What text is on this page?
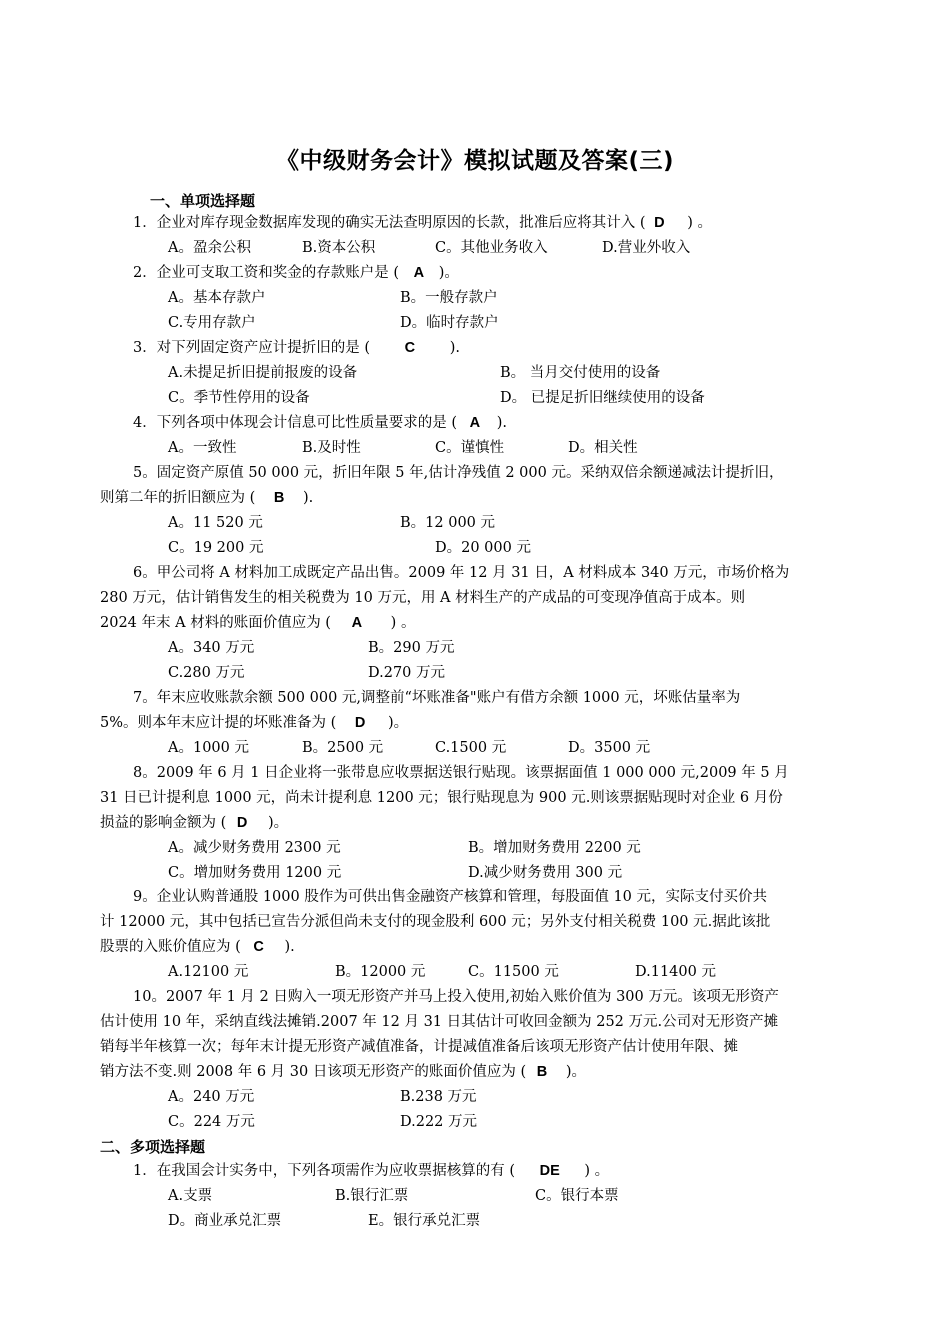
《中级财务会计》模拟试题及答案(三)
一、单项选择题
1．企业对库存现金数据库发现的确实无法查明原因的长款，批准后应将其计入 ( D ) 。
A。盈余公积	B.资本公积	C。其他业务收入	D.营业外收入
2．企业可支取工资和奖金的存款账户是 ( A )。
A。基本存款户	B。一般存款户
C.专用存款户	D。临时存款户
3．对下列固定资产应计提折旧的是 ( C ).
A.未提足折旧提前报废的设备	B。 当月交付使用的设备
C。季节性停用的设备	D。 已提足折旧继续使用的设备
4．下列各项中体现会计信息可比性质量要求的是 ( A ).
A。一致性	B.及时性	C。谨慎性	D。相关性
5。固定资产原值 50 000 元，折旧年限 5 年,估计净残值 2 000 元。采纳双倍余额递减法计提折旧，
则第二年的折旧额应为 ( B ).
A。11 520 元	B。12 000 元
C。19 200 元	D。20 000 元
6。甲公司将 A 材料加工成既定产品出售。2009 年 12 月 31 日，A 材料成本 340 万元，市场价格为
280 万元，估计销售发生的相关税费为 10 万元，用 A 材料生产的产成品的可变现净值高于成本。则
2024 年末 A 材料的账面价值应为 ( A ) 。
A。340 万元	B。290 万元
C.280 万元	D.270 万元
7。年末应收账款余额 500 000 元,调整前“坏账准备"账户有借方余额 1000 元，坏账估量率为
5%。则本年末应计提的坏账准备为 ( D )。
A。1000 元	B。2500 元	C.1500 元	D。3500 元
8。2009 年 6 月 1 日企业将一张带息应收票据送银行贴现。该票据面值 1 000 000 元,2009 年 5 月
31 日已计提利息 1000 元，尚未计提利息 1200 元；银行贴现息为 900 元.则该票据贴现时对企业 6 月份
损益的影响金额为 ( D )。
A。减少财务费用 2300 元	B。增加财务费用 2200 元
C。增加财务费用 1200 元	D.减少财务费用 300 元
9。企业认购普通股 1000 股作为可供出售金融资产核算和管理，每股面值 10 元，实际支付买价共
计 12000 元，其中包括已宣告分派但尚未支付的现金股利 600 元；另外支付相关税费 100 元.据此该批
股票的入账价值应为 ( C ).
A.12100 元	B。12000 元	C。11500 元	D.11400 元
10。2007 年 1 月 2 日购入一项无形资产并马上投入使用,初始入账价值为 300 万元。该项无形资产
估计使用 10 年，采纳直线法摊销.2007 年 12 月 31 日其估计可收回金额为 252 万元.公司对无形资产摊
销每半年核算一次；每年末计提无形资产减值准备，计提减值准备后该项无形资产估计使用年限、摊
销方法不变.则 2008 年 6 月 30 日该项无形资产的账面价值应为 ( B )。
A。240 万元	B.238 万元
C。224 万元	D.222 万元
二、多项选择题
1．在我国会计实务中，下列各项需作为应收票据核算的有 ( DE ) 。
A.支票	B.银行汇票	C。银行本票
D。商业承兑汇票	E。银行承兑汇票
